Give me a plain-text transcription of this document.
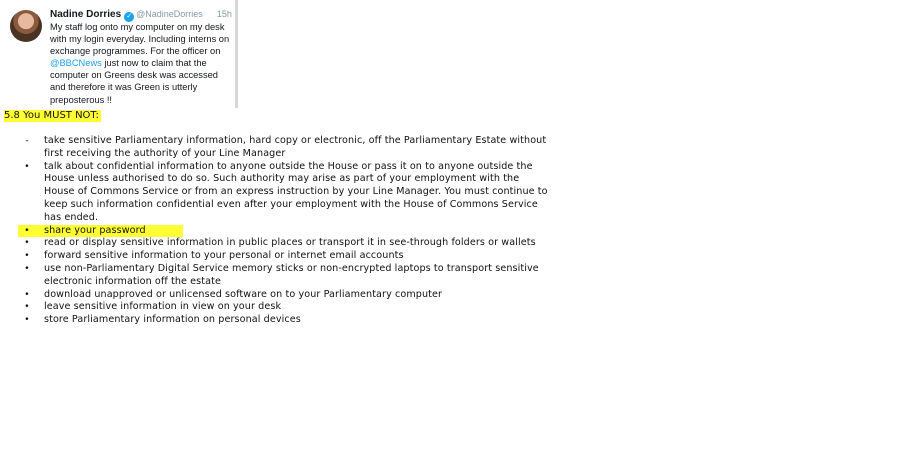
Nadine Dorries ✓ @NadineDorries 15h
My staff log onto my computer on my desk with my login everyday. Including interns on exchange programmes. For the officer on @BBCNews just now to claim that the computer on Greens desk was accessed and therefore it was Green is utterly preposterous !!
5.8 You MUST NOT:
-	take sensitive Parliamentary information, hard copy or electronic, off the Parliamentary Estate without first receiving the authority of your Line Manager
• talk about confidential information to anyone outside the House or pass it on to anyone outside the House unless authorised to do so. Such authority may arise as part of your employment with the House of Commons Service or from an express instruction by your Line Manager. You must continue to keep such information confidential even after your employment with the House of Commons Service has ended.
• share your password
• read or display sensitive information in public places or transport it in see-through folders or wallets
• forward sensitive information to your personal or internet email accounts
• use non-Parliamentary Digital Service memory sticks or non-encrypted laptops to transport sensitive electronic information off the estate
• download unapproved or unlicensed software on to your Parliamentary computer
• leave sensitive information in view on your desk
• store Parliamentary information on personal devices
